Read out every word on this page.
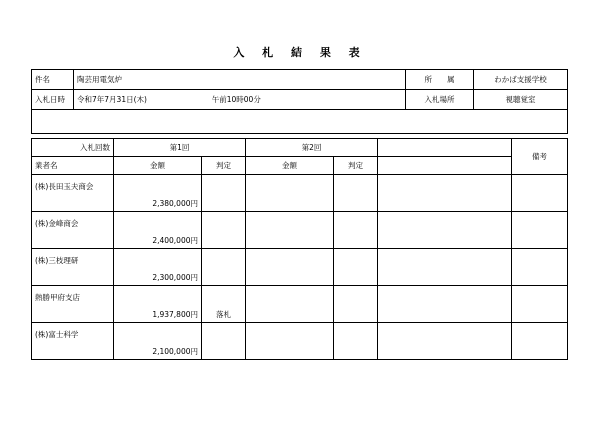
入 札 結 果 表
件名	陶芸用電気炉	所　　属	わかば支援学校
入札日時	令和7年7月31日(木) 午前10時00分	入札場所	視聴覚室

入札回数	第1回		第2回			備考
業者名	金額	判定	金額	判定		

(株)長田玉夫商会	2,380,000円					

(株)金峰商会	2,400,000円					

(株)三枝理研	2,300,000円					

熱勝甲府支店	1,937,800円	落札				

(株)富士科学	2,100,000円					
